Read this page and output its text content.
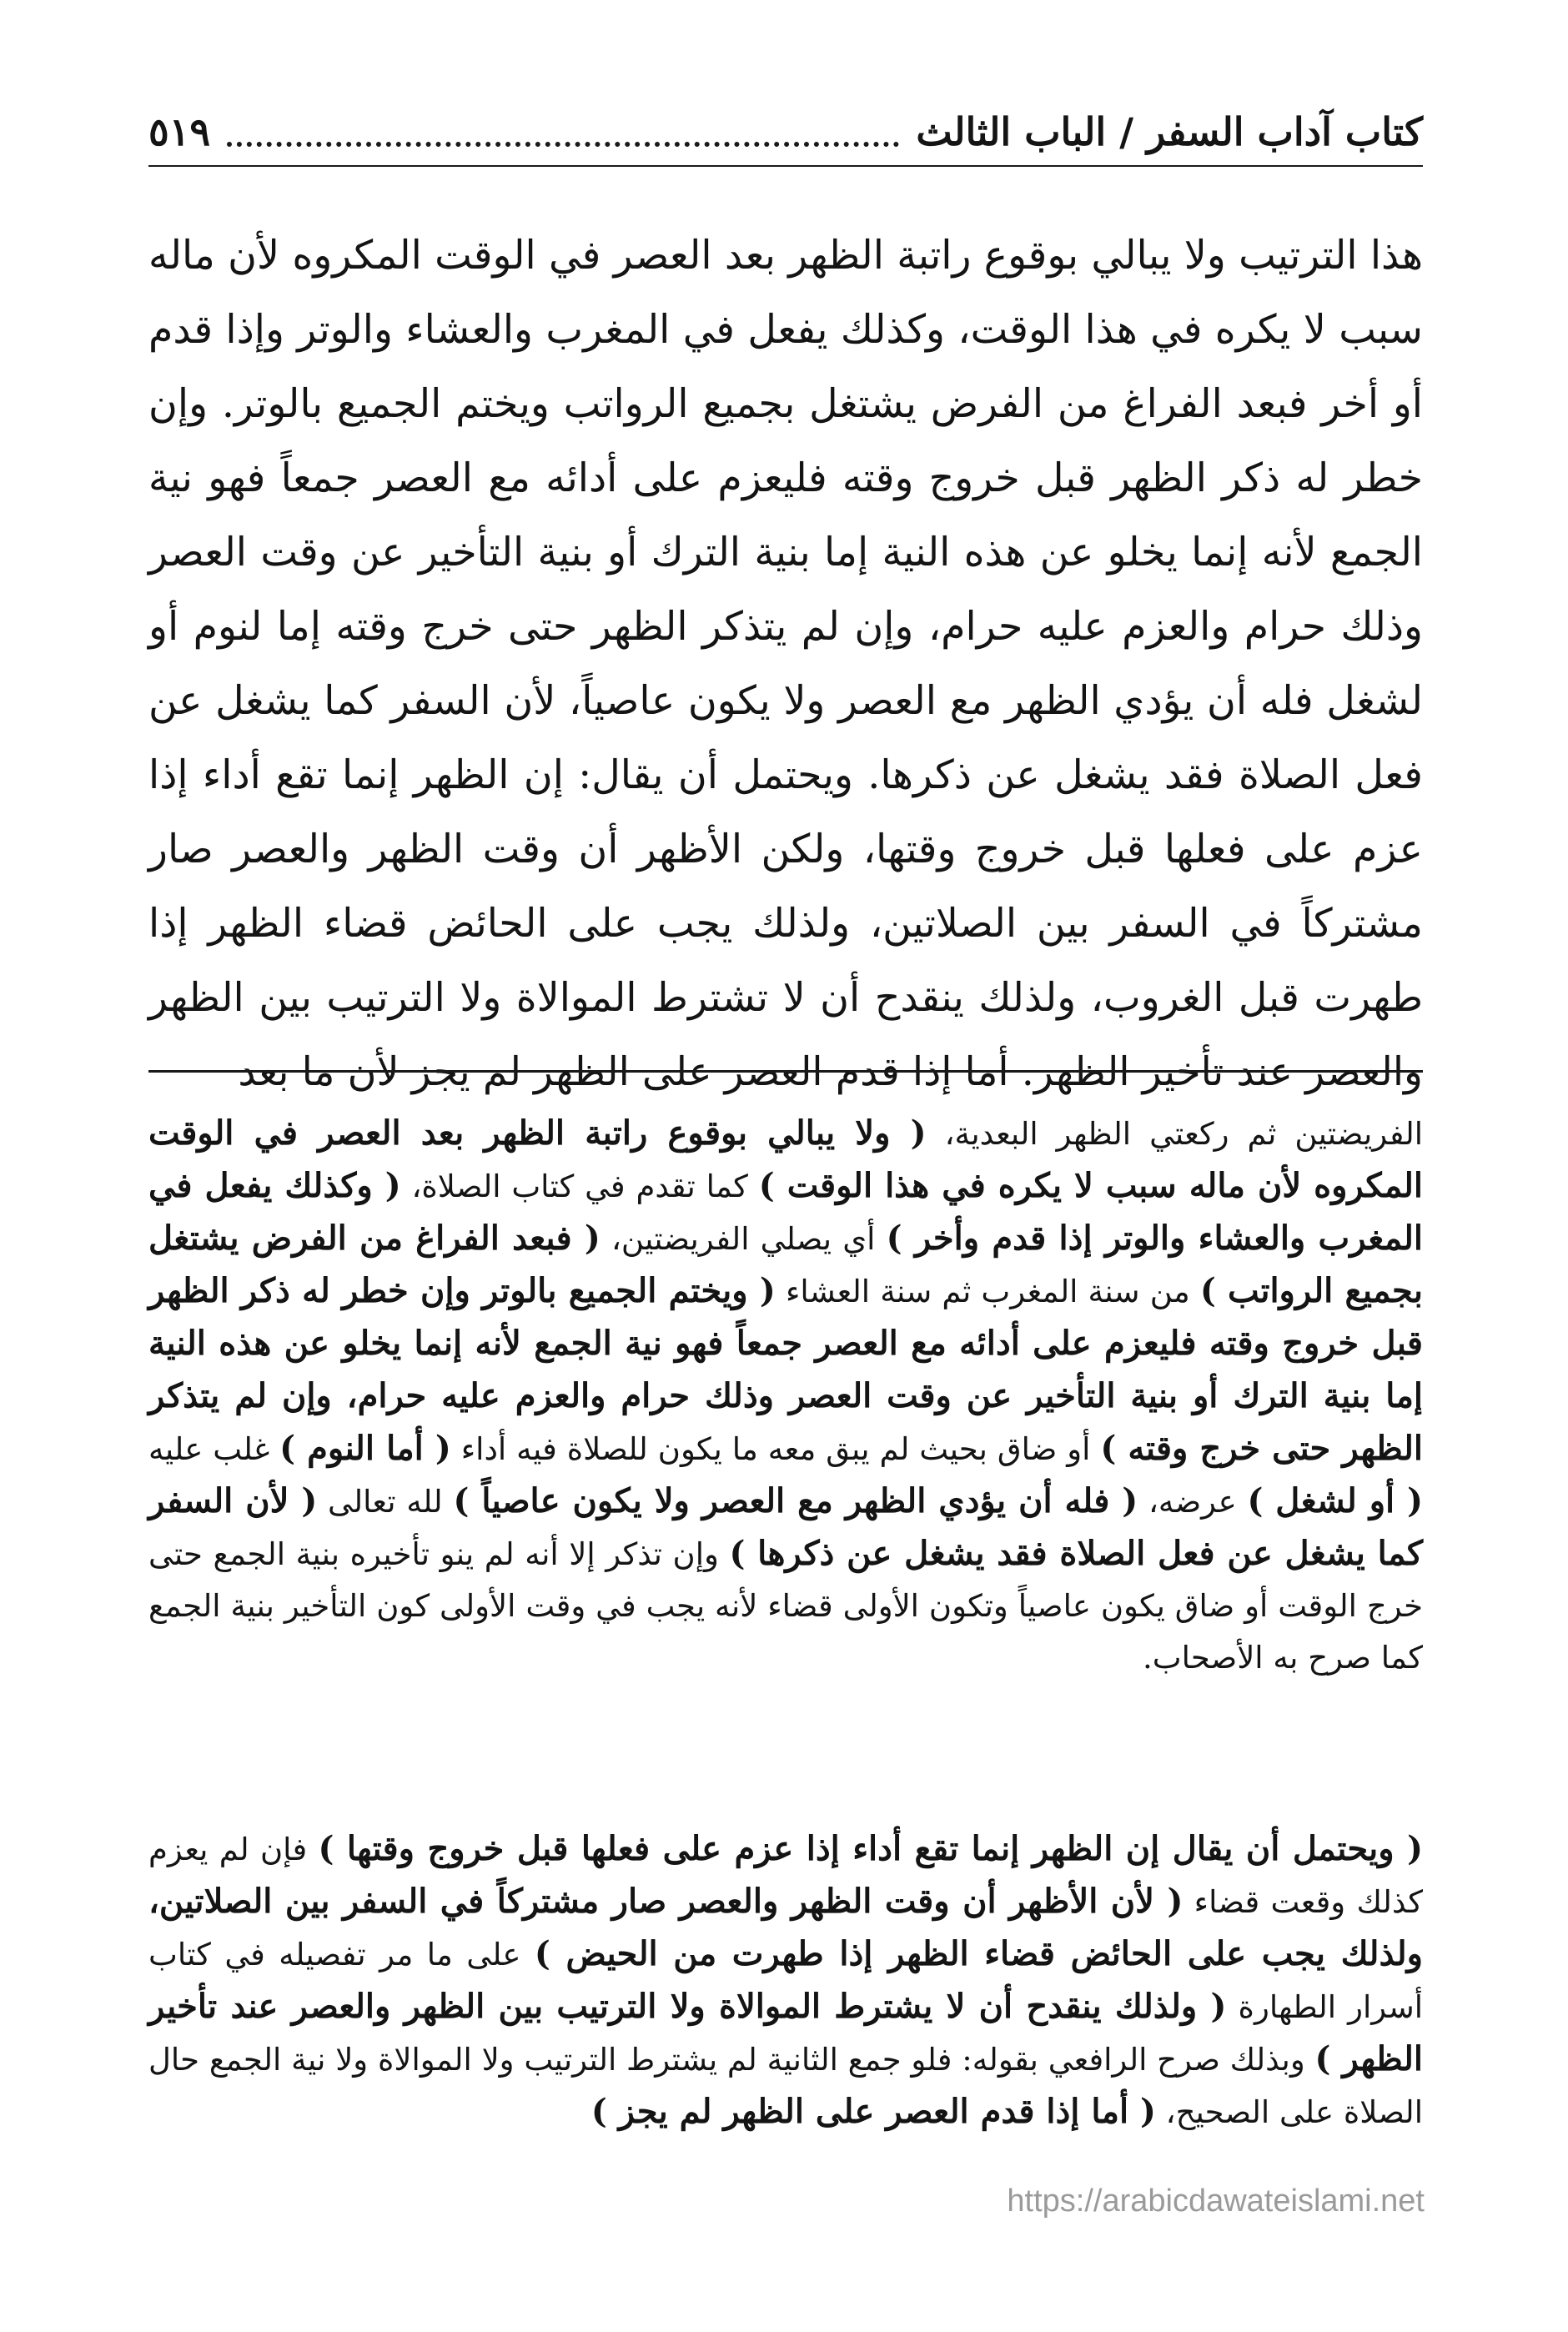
كتاب آداب السفر / الباب الثالث
٥١٩

هذا الترتيب ولا يبالي بوقوع راتبة الظهر بعد العصر في الوقت المكروه لأن ماله سبب لا يكره في هذا الوقت، وكذلك يفعل في المغرب والعشاء والوتر وإذا قدم أو أخر فبعد الفراغ من الفرض يشتغل بجميع الرواتب ويختم الجميع بالوتر. وإن خطر له ذكر الظهر قبل خروج وقته فليعزم على أدائه مع العصر جمعاً فهو نية الجمع لأنه إنما يخلو عن هذه النية إما بنية الترك أو بنية التأخير عن وقت العصر وذلك حرام والعزم عليه حرام، وإن لم يتذكر الظهر حتى خرج وقته إما لنوم أو لشغل فله أن يؤدي الظهر مع العصر ولا يكون عاصياً، لأن السفر كما يشغل عن فعل الصلاة فقد يشغل عن ذكرها. ويحتمل أن يقال: إن الظهر إنما تقع أداء إذا عزم على فعلها قبل خروج وقتها، ولكن الأظهر أن وقت الظهر والعصر صار مشتركاً في السفر بين الصلاتين، ولذلك يجب على الحائض قضاء الظهر إذا طهرت قبل الغروب، ولذلك ينقدح أن لا تشترط الموالاة ولا الترتيب بين الظهر والعصر عند تأخير الظهر. أما إذا قدم العصر على الظهر لم يجز لأن ما بعد

الفريضتين ثم ركعتي الظهر البعدية، ( ولا يبالي بوقوع راتبة الظهر بعد العصر في الوقت المكروه لأن ماله سبب لا يكره في هذا الوقت ) كما تقدم في كتاب الصلاة، ( وكذلك يفعل في المغرب والعشاء والوتر إذا قدم وأخر ) أي يصلي الفريضتين، ( فبعد الفراغ من الفرض يشتغل بجميع الرواتب ) من سنة المغرب ثم سنة العشاء ( ويختم الجميع بالوتر وإن خطر له ذكر الظهر قبل خروج وقته فليعزم على أدائه مع العصر جمعاً فهو نية الجمع لأنه إنما يخلو عن هذه النية إما بنية الترك أو بنية التأخير عن وقت العصر وذلك حرام والعزم عليه حرام، وإن لم يتذكر الظهر حتى خرج وقته ) أو ضاق بحيث لم يبق معه ما يكون للصلاة فيه أداء ( أما النوم ) غلب عليه ( أو لشغل ) عرضه، ( فله أن يؤدي الظهر مع العصر ولا يكون عاصياً ) لله تعالى ( لأن السفر كما يشغل عن فعل الصلاة فقد يشغل عن ذكرها ) وإن تذكر إلا أنه لم ينو تأخيره بنية الجمع حتى خرج الوقت أو ضاق يكون عاصياً وتكون الأولى قضاء لأنه يجب في وقت الأولى كون التأخير بنية الجمع كما صرح به الأصحاب.

( ويحتمل أن يقال إن الظهر إنما تقع أداء إذا عزم على فعلها قبل خروج وقتها ) فإن لم يعزم كذلك وقعت قضاء ( لأن الأظهر أن وقت الظهر والعصر صار مشتركاً في السفر بين الصلاتين، ولذلك يجب على الحائض قضاء الظهر إذا طهرت من الحيض ) على ما مر تفصيله في كتاب أسرار الطهارة ( ولذلك ينقدح أن لا يشترط الموالاة ولا الترتيب بين الظهر والعصر عند تأخير الظهر ) وبذلك صرح الرافعي بقوله: فلو جمع الثانية لم يشترط الترتيب ولا الموالاة ولا نية الجمع حال الصلاة على الصحيح، ( أما إذا قدم العصر على الظهر لم يجز )

https://arabicdawateislami.net
